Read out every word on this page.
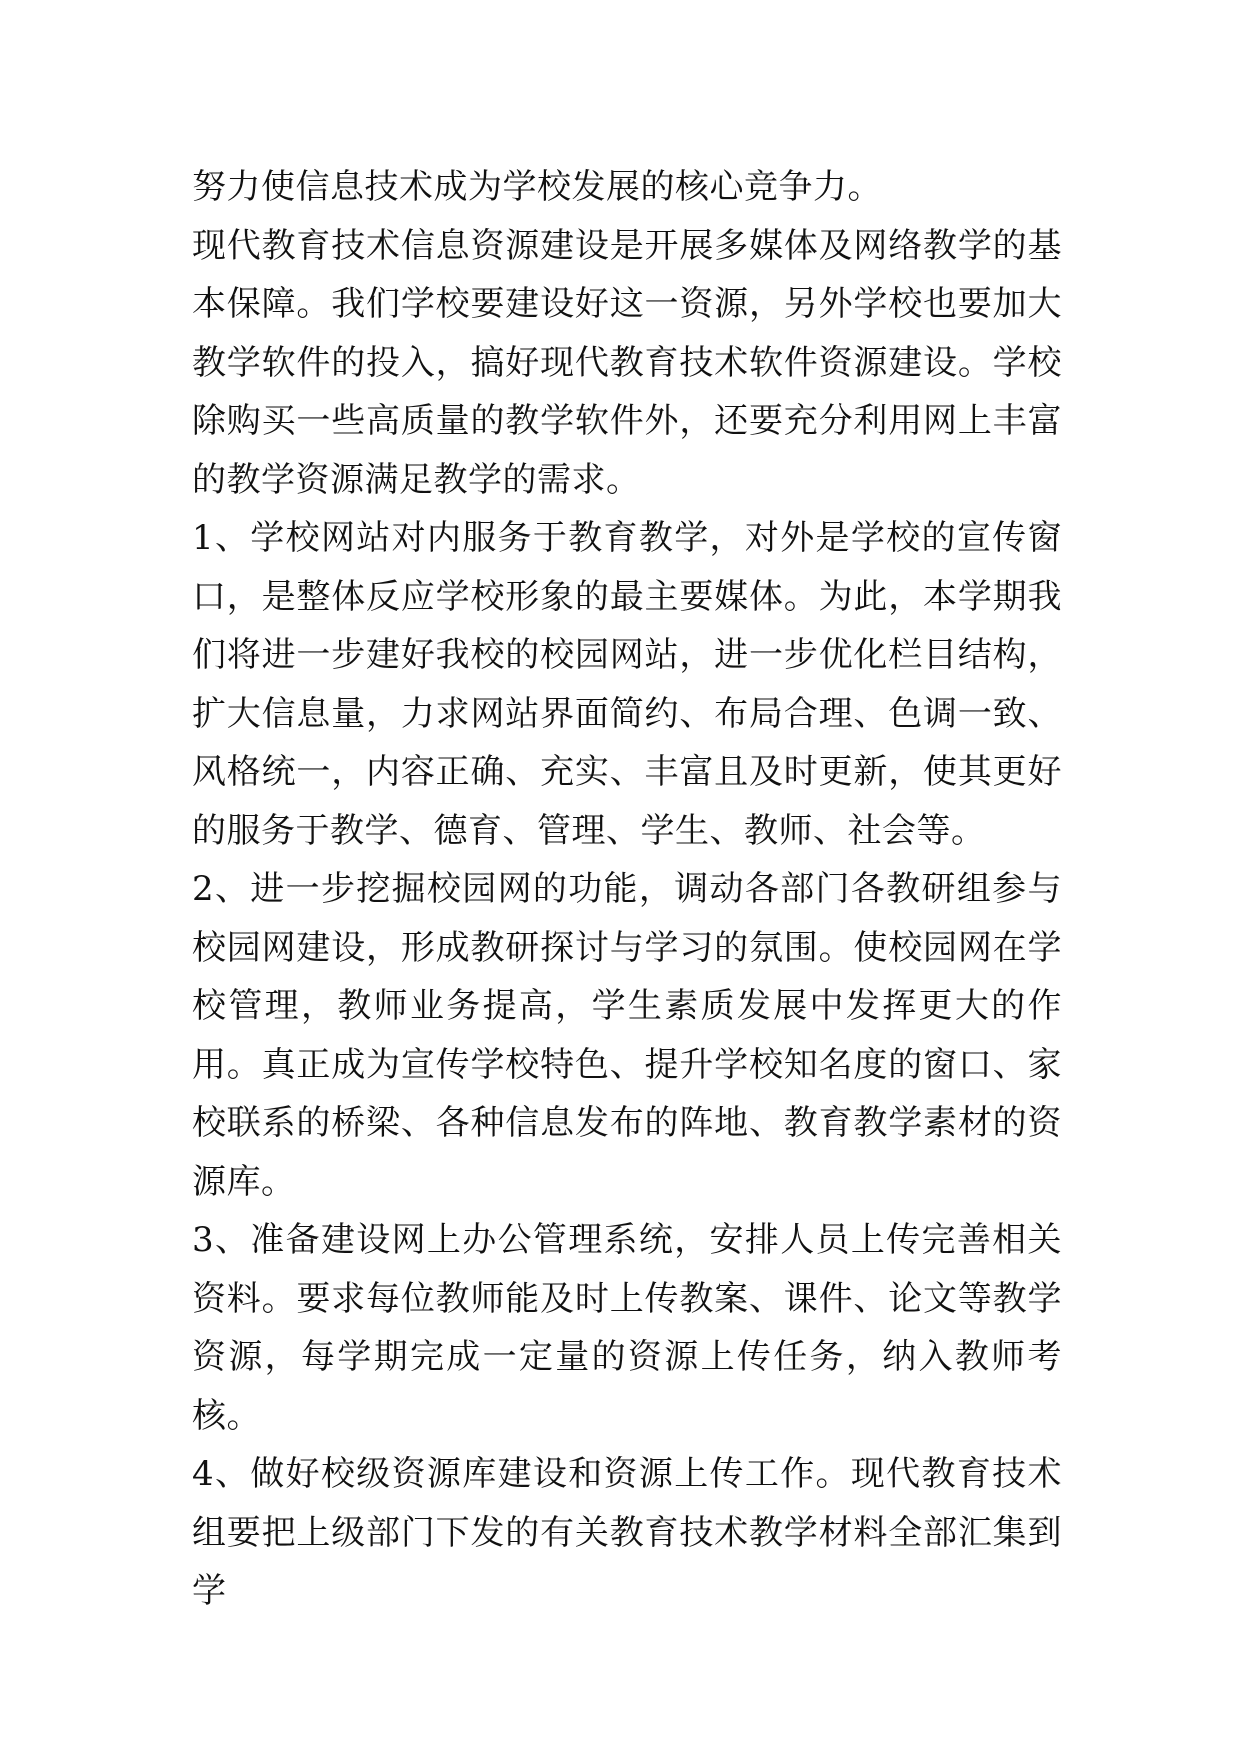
努力使信息技术成为学校发展的核心竞争力。

现代教育技术信息资源建设是开展多媒体及网络教学的基本保障。我们学校要建设好这一资源，另外学校也要加大教学软件的投入，搞好现代教育技术软件资源建设。学校除购买一些高质量的教学软件外，还要充分利用网上丰富的教学资源满足教学的需求。

1、学校网站对内服务于教育教学，对外是学校的宣传窗口，是整体反应学校形象的最主要媒体。为此，本学期我们将进一步建好我校的校园网站，进一步优化栏目结构，扩大信息量，力求网站界面简约、布局合理、色调一致、风格统一，内容正确、充实、丰富且及时更新，使其更好的服务于教学、德育、管理、学生、教师、社会等。

2、进一步挖掘校园网的功能，调动各部门各教研组参与校园网建设，形成教研探讨与学习的氛围。使校园网在学校管理，教师业务提高，学生素质发展中发挥更大的作用。真正成为宣传学校特色、提升学校知名度的窗口、家校联系的桥梁、各种信息发布的阵地、教育教学素材的资源库。

3、准备建设网上办公管理系统，安排人员上传完善相关资料。要求每位教师能及时上传教案、课件、论文等教学资源，每学期完成一定量的资源上传任务，纳入教师考核。

4、做好校级资源库建设和资源上传工作。现代教育技术组要把上级部门下发的有关教育技术教学材料全部汇集到学
